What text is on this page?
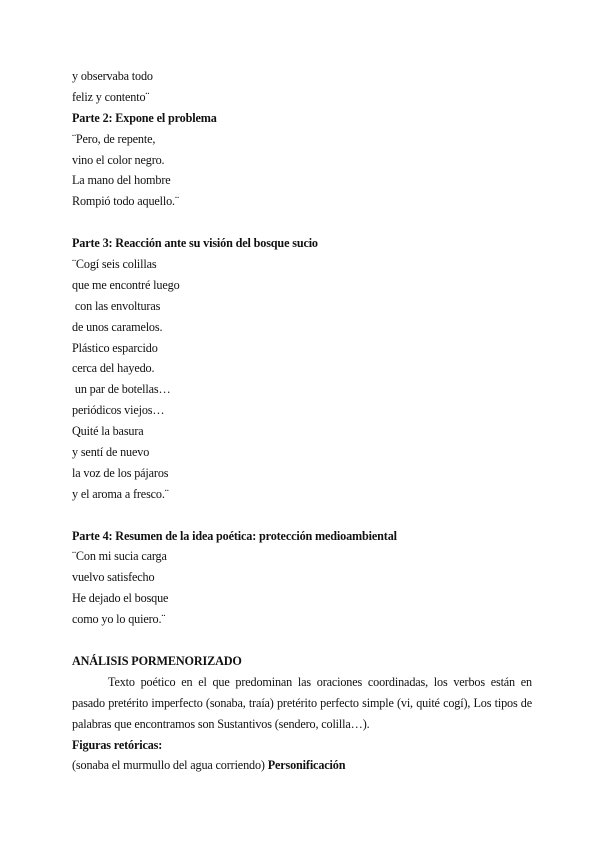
y observaba todo
feliz y contento¨
Parte 2: Expone el problema
¨Pero, de repente,
vino el color negro.
La mano del hombre
Rompió todo aquello.¨
Parte 3: Reacción ante su visión del bosque sucio
¨Cogí seis colillas
que me encontré luego
con las envolturas
de unos caramelos.
Plástico esparcido
cerca del hayedo.
un par de botellas…
periódicos viejos…
Quité la basura
y sentí de nuevo
la voz de los pájaros
y el aroma a fresco.¨
Parte 4: Resumen de la idea poética: protección medioambiental
¨Con mi sucia carga
vuelvo satisfecho
He dejado el bosque
como yo lo quiero.¨
ANÁLISIS PORMENORIZADO
Texto poético en el que predominan las oraciones coordinadas, los verbos están en pasado pretérito imperfecto (sonaba, traía) pretérito perfecto simple (vi, quité cogí), Los tipos de palabras que encontramos son Sustantivos (sendero, colilla…).
Figuras retóricas:
(sonaba el murmullo del agua corriendo) Personificación
